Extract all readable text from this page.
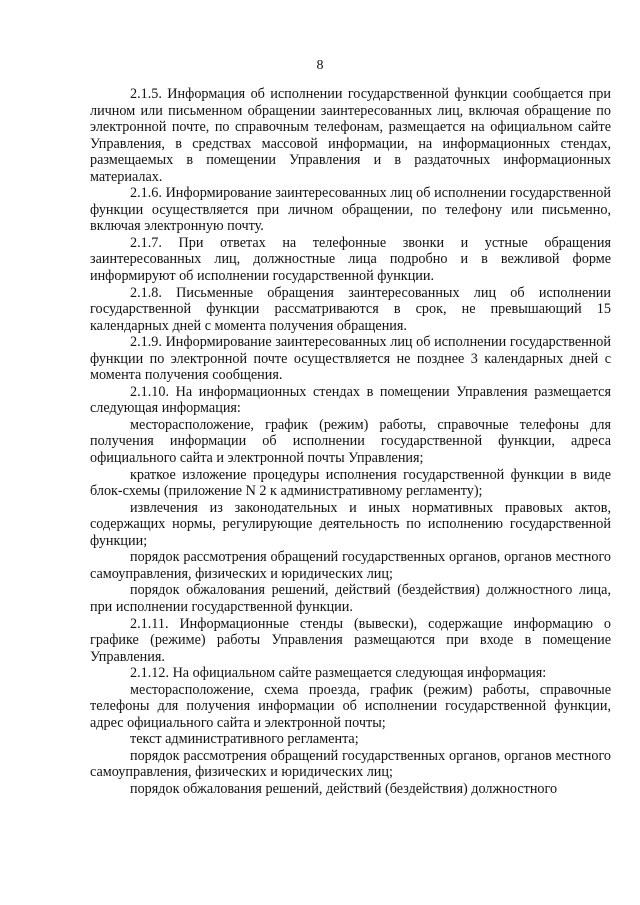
8

2.1.5. Информация об исполнении государственной функции сообщается при личном или письменном обращении заинтересованных лиц, включая обращение по электронной почте, по справочным телефонам, размещается на официальном сайте Управления, в средствах массовой информации, на информационных стендах, размещаемых в помещении Управления и в раздаточных информационных материалах.

2.1.6. Информирование заинтересованных лиц об исполнении государственной функции осуществляется при личном обращении, по телефону или письменно, включая электронную почту.

2.1.7. При ответах на телефонные звонки и устные обращения заинтересованных лиц, должностные лица подробно и в вежливой форме информируют об исполнении государственной функции.

2.1.8. Письменные обращения заинтересованных лиц об исполнении государственной функции рассматриваются в срок, не превышающий 15 календарных дней с момента получения обращения.

2.1.9. Информирование заинтересованных лиц об исполнении государственной функции по электронной почте осуществляется не позднее 3 календарных дней с момента получения сообщения.

2.1.10. На информационных стендах в помещении Управления размещается следующая информация:

месторасположение, график (режим) работы, справочные телефоны для получения информации об исполнении государственной функции, адреса официального сайта и электронной почты Управления;

краткое изложение процедуры исполнения государственной функции в виде блок-схемы (приложение N 2 к административному регламенту);

извлечения из законодательных и иных нормативных правовых актов, содержащих нормы, регулирующие деятельность по исполнению государственной функции;

порядок рассмотрения обращений государственных органов, органов местного самоуправления, физических и юридических лиц;

порядок обжалования решений, действий (бездействия) должностного лица, при исполнении государственной функции.

2.1.11. Информационные стенды (вывески), содержащие информацию о графике (режиме) работы Управления размещаются при входе в помещение Управления.

2.1.12. На официальном сайте размещается следующая информация:

месторасположение, схема проезда, график (режим) работы, справочные телефоны для получения информации об исполнении государственной функции, адрес официального сайта и электронной почты;

текст административного регламента;

порядок рассмотрения обращений государственных органов, органов местного самоуправления, физических и юридических лиц;

порядок обжалования решений, действий (бездействия) должностного
